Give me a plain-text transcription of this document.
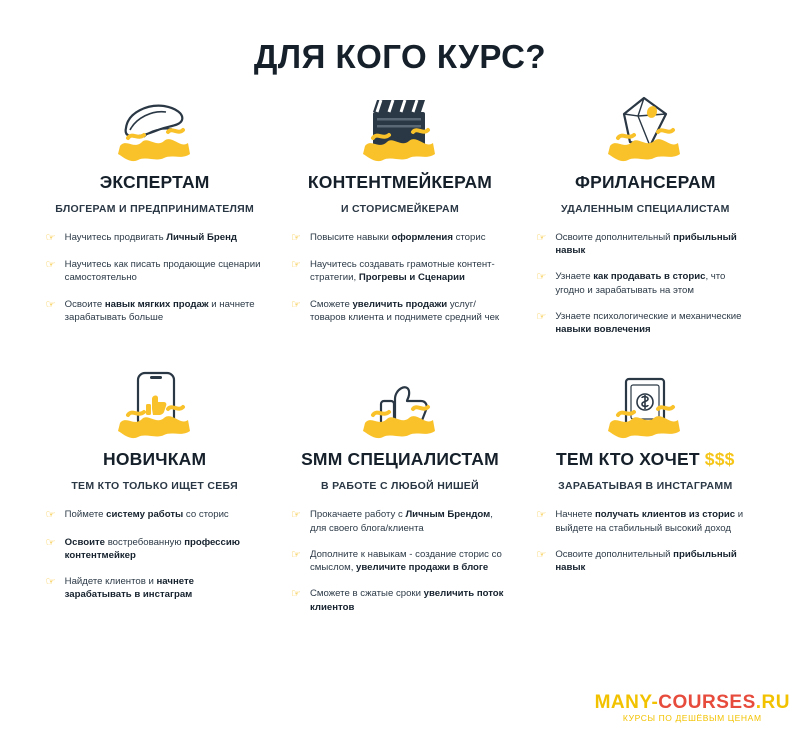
ДЛЯ КОГО КУРС?
ЭКСПЕРТАМ
БЛОГЕРАМ И ПРЕДПРИНИМАТЕЛЯМ
☞ Научитесь продвигать Личный Бренд
☞ Научитесь как писать продающие сценарии самостоятельно
☞ Освоите навык мягких продаж и начнете зарабатывать больше
КОНТЕНТМЕЙКЕРАМ
И СТОРИСМЕЙКЕРАМ
☞ Повысите навыки оформления сторис
☞ Научитесь создавать грамотные контент-стратегии, Прогревы и Сценарии
☞ Сможете увеличить продажи услуг/товаров клиента и поднимете средний чек
ФРИЛАНСЕРАМ
УДАЛЕННЫМ СПЕЦИАЛИСТАМ
☞ Освоите дополнительный прибыльный навык
☞ Узнаете как продавать в сторис, что угодно и зарабатывать на этом
☞ Узнаете психологические и механические навыки вовлечения
НОВИЧКАМ
ТЕМ КТО ТОЛЬКО ИЩЕТ СЕБЯ
☞ Поймете систему работы со сторис
☞ Освоите востребованную профессию контентмейкер
☞ Найдете клиентов и начнете зарабатывать в инстаграм
SMM СПЕЦИАЛИСТАМ
В РАБОТЕ С ЛЮБОЙ НИШЕЙ
☞ Прокачаете работу с Личным Брендом, для своего блога/клиента
☞ Дополните к навыкам - создание сторис со смыслом, увеличите продажи в блоге
☞ Сможете в сжатые сроки увеличить поток клиентов
ТЕМ КТО ХОЧЕТ $$$
ЗАРАБАТЫВАЯ В ИНСТАГРАММ
☞ Начнете получать клиентов из сторис и выйдете на стабильный высокий доход
☞ Освоите дополнительный прибыльный навык
MANY-COURSES.RU
КУРСЫ ПО ДЕШЁВЫМ ЦЕНАМ
